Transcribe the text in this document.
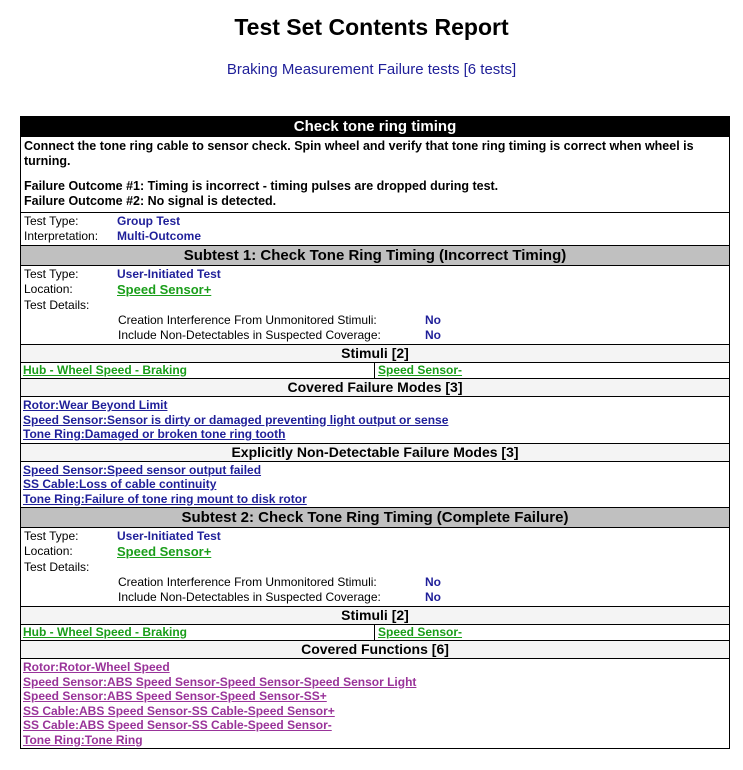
Test Set Contents Report
Braking Measurement Failure tests [6 tests]
Check tone ring timing
Connect the tone ring cable to sensor check. Spin wheel and verify that tone ring timing is correct when wheel is turning.
Failure Outcome #1: Timing is incorrect - timing pulses are dropped during test.
Failure Outcome #2: No signal is detected.
Test Type:	Group Test
Interpretation:	Multi-Outcome
Subtest 1: Check Tone Ring Timing (Incorrect Timing)
Test Type:	User-Initiated Test
Location:	Speed Sensor+
Test Details:
Creation Interference From Unmonitored Stimuli:	No
Include Non-Detectables in Suspected Coverage:	No
Stimuli [2]
Hub - Wheel Speed - Braking	Speed Sensor-
Covered Failure Modes [3]
Rotor:Wear Beyond Limit
Speed Sensor:Sensor is dirty or damaged preventing light output or sense
Tone Ring:Damaged or broken tone ring tooth
Explicitly Non-Detectable Failure Modes [3]
Speed Sensor:Speed sensor output failed
SS Cable:Loss of cable continuity
Tone Ring:Failure of tone ring mount to disk rotor
Subtest 2: Check Tone Ring Timing (Complete Failure)
Test Type:	User-Initiated Test
Location:	Speed Sensor+
Test Details:
Creation Interference From Unmonitored Stimuli:	No
Include Non-Detectables in Suspected Coverage:	No
Stimuli [2]
Hub - Wheel Speed - Braking	Speed Sensor-
Covered Functions [6]
Rotor:Rotor-Wheel Speed
Speed Sensor:ABS Speed Sensor-Speed Sensor-Speed Sensor Light
Speed Sensor:ABS Speed Sensor-Speed Sensor-SS+
SS Cable:ABS Speed Sensor-SS Cable-Speed Sensor+
SS Cable:ABS Speed Sensor-SS Cable-Speed Sensor-
Tone Ring:Tone Ring
